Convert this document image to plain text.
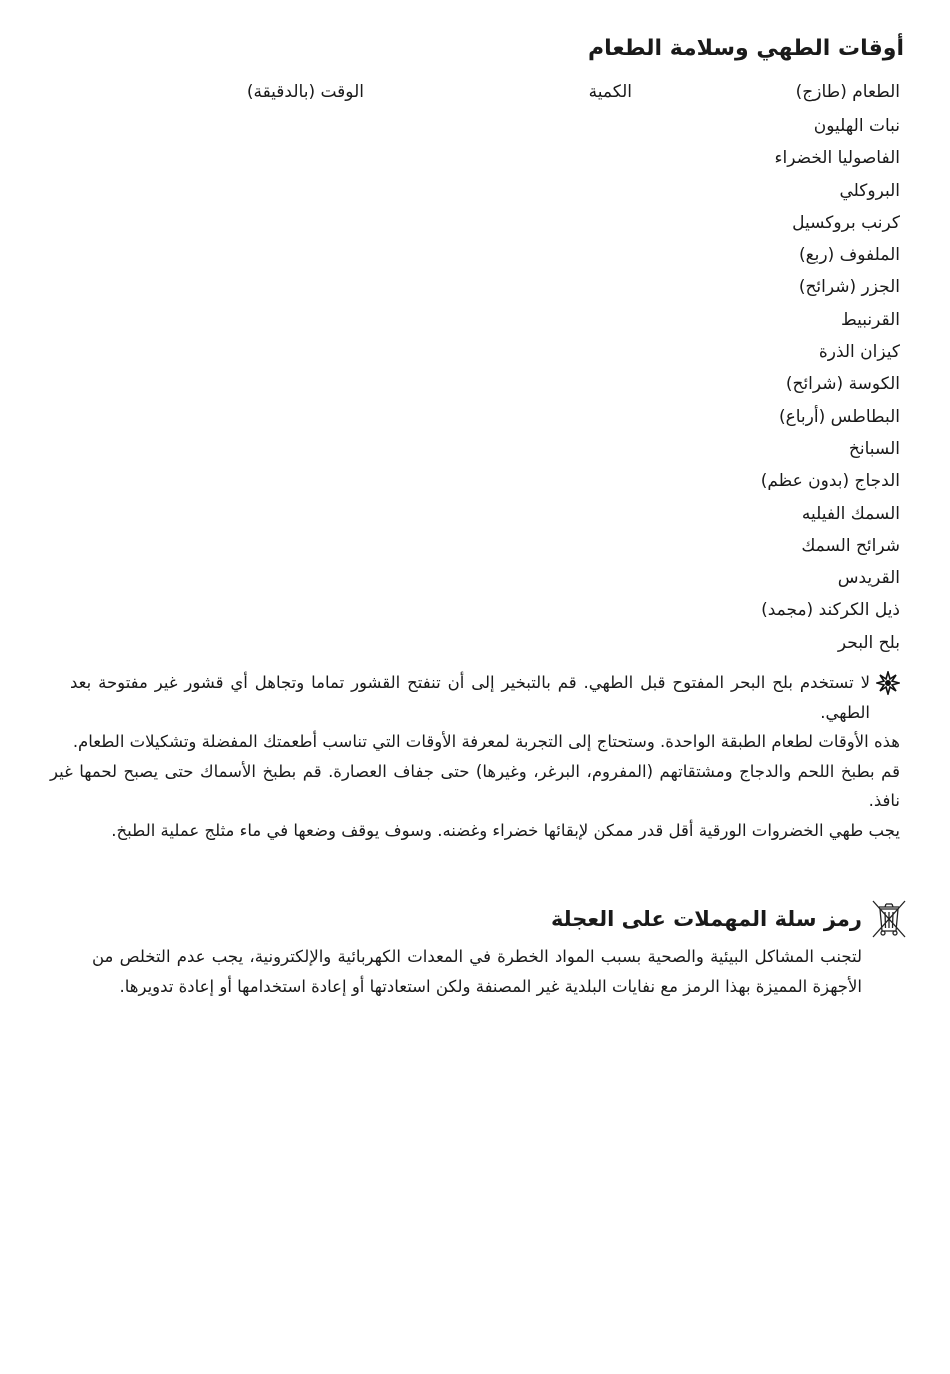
أوقات الطهي وسلامة الطعام
الطعام (طازج)
الكمية
الوقت (بالدقيقة)
نبات الهليون
الفاصوليا الخضراء
البروكلي
كرنب بروكسيل
الملفوف (ربع)
الجزر (شرائح)
القرنبيط
كيزان الذرة
الكوسة (شرائح)
البطاطس (أرباع)
السبانخ
الدجاج (بدون عظم)
السمك الفيليه
شرائح السمك
القريدس
ذيل الكركند (مجمد)
بلح البحر

لا تستخدم بلح البحر المفتوح قبل الطهي. قم بالتبخير إلى أن تنفتح القشور تماما وتجاهل أي قشور غير مفتوحة بعد الطهي.

هذه الأوقات لطعام الطبقة الواحدة. وستحتاج إلى التجربة لمعرفة الأوقات التي تناسب أطعمتك المفضلة وتشكيلات الطعام.

قم بطبخ اللحم والدجاج ومشتقاتهم (المفروم، البرغر، وغيرها) حتى جفاف العصارة. قم بطبخ الأسماك حتى يصبح لحمها غير نافذ.

يجب طهي الخضروات الورقية أقل قدر ممكن لإبقائها خضراء وغضنه. وسوف يوقف وضعها في ماء مثلج عملية الطبخ.

رمز سلة المهملات على العجلة

لتجنب المشاكل البيئية والصحية بسبب المواد الخطرة في المعدات الكهربائية والإلكترونية، يجب عدم التخلص من الأجهزة المميزة بهذا الرمز مع نفايات البلدية غير المصنفة ولكن استعادتها أو إعادة استخدامها أو إعادة تدويرها.
